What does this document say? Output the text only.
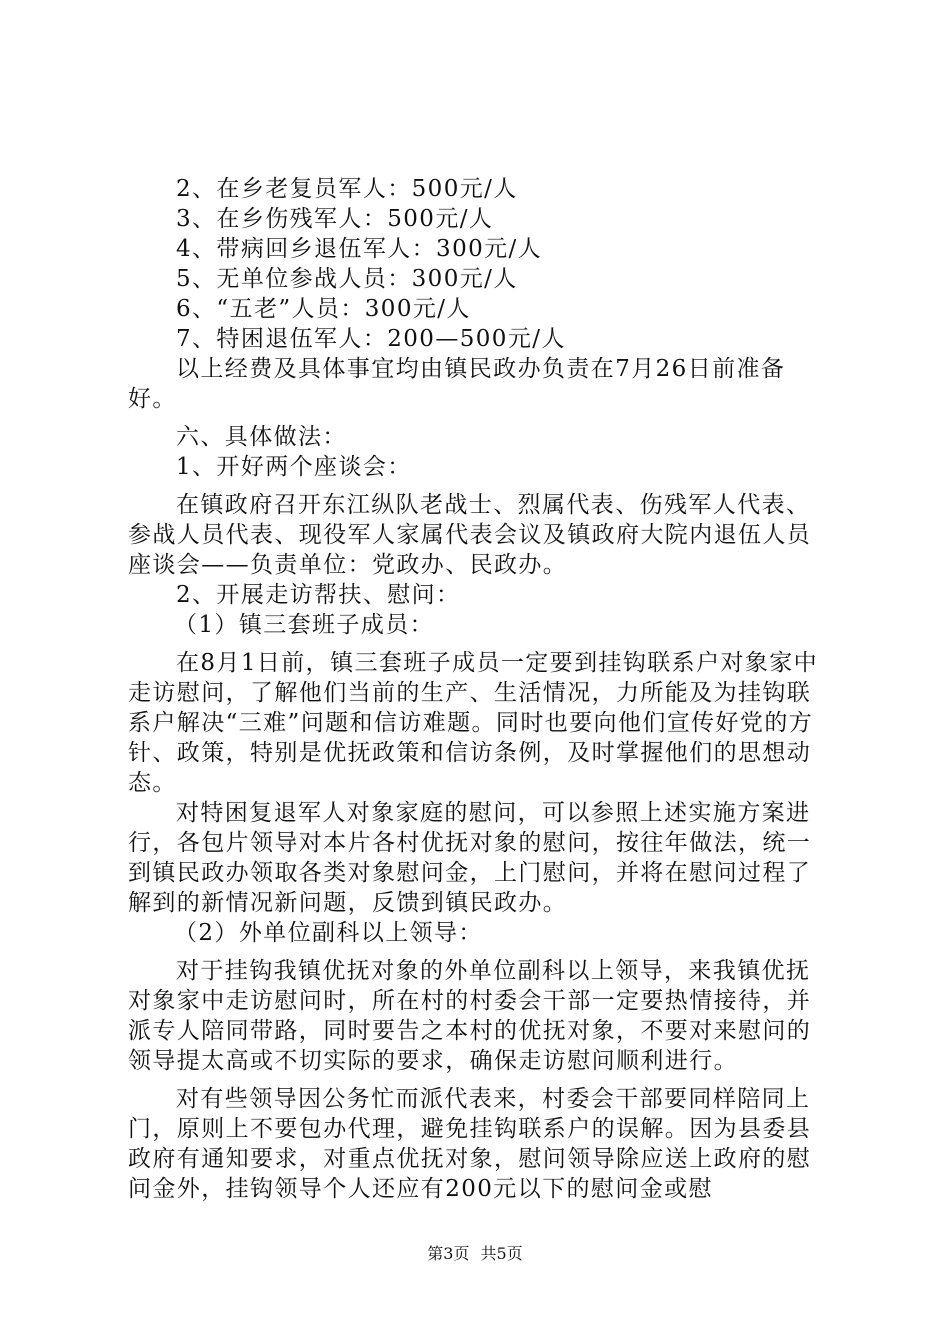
2、在乡老复员军人：500元/人

3、在乡伤残军人：500元/人

4、带病回乡退伍军人：300元/人

5、无单位参战人员：300元/人

6、“五老”人员：300元/人

7、特困退伍军人：200—500元/人

以上经费及具体事宜均由镇民政办负责在7月26日前准备好。

六、具体做法：

1、开好两个座谈会：

在镇政府召开东江纵队老战士、烈属代表、伤残军人代表、参战人员代表、现役军人家属代表会议及镇政府大院内退伍人员座谈会——负责单位：党政办、民政办。

2、开展走访帮扶、慰问：

（1）镇三套班子成员：

在8月1日前，镇三套班子成员一定要到挂钩联系户对象家中走访慰问，了解他们当前的生产、生活情况，力所能及为挂钩联系户解决“三难”问题和信访难题。同时也要向他们宣传好党的方针、政策，特别是优抚政策和信访条例，及时掌握他们的思想动态。

对特困复退军人对象家庭的慰问，可以参照上述实施方案进行，各包片领导对本片各村优抚对象的慰问，按往年做法，统一到镇民政办领取各类对象慰问金，上门慰问，并将在慰问过程了解到的新情况新问题，反馈到镇民政办。

（2）外单位副科以上领导：

对于挂钩我镇优抚对象的外单位副科以上领导，来我镇优抚对象家中走访慰问时，所在村的村委会干部一定要热情接待，并派专人陪同带路，同时要告之本村的优抚对象，不要对来慰问的领导提太高或不切实际的要求，确保走访慰问顺利进行。

对有些领导因公务忙而派代表来，村委会干部要同样陪同上门，原则上不要包办代理，避免挂钩联系户的误解。因为县委县政府有通知要求，对重点优抚对象，慰问领导除应送上政府的慰问金外，挂钩领导个人还应有200元以下的慰问金或慰

第3页 共5页
